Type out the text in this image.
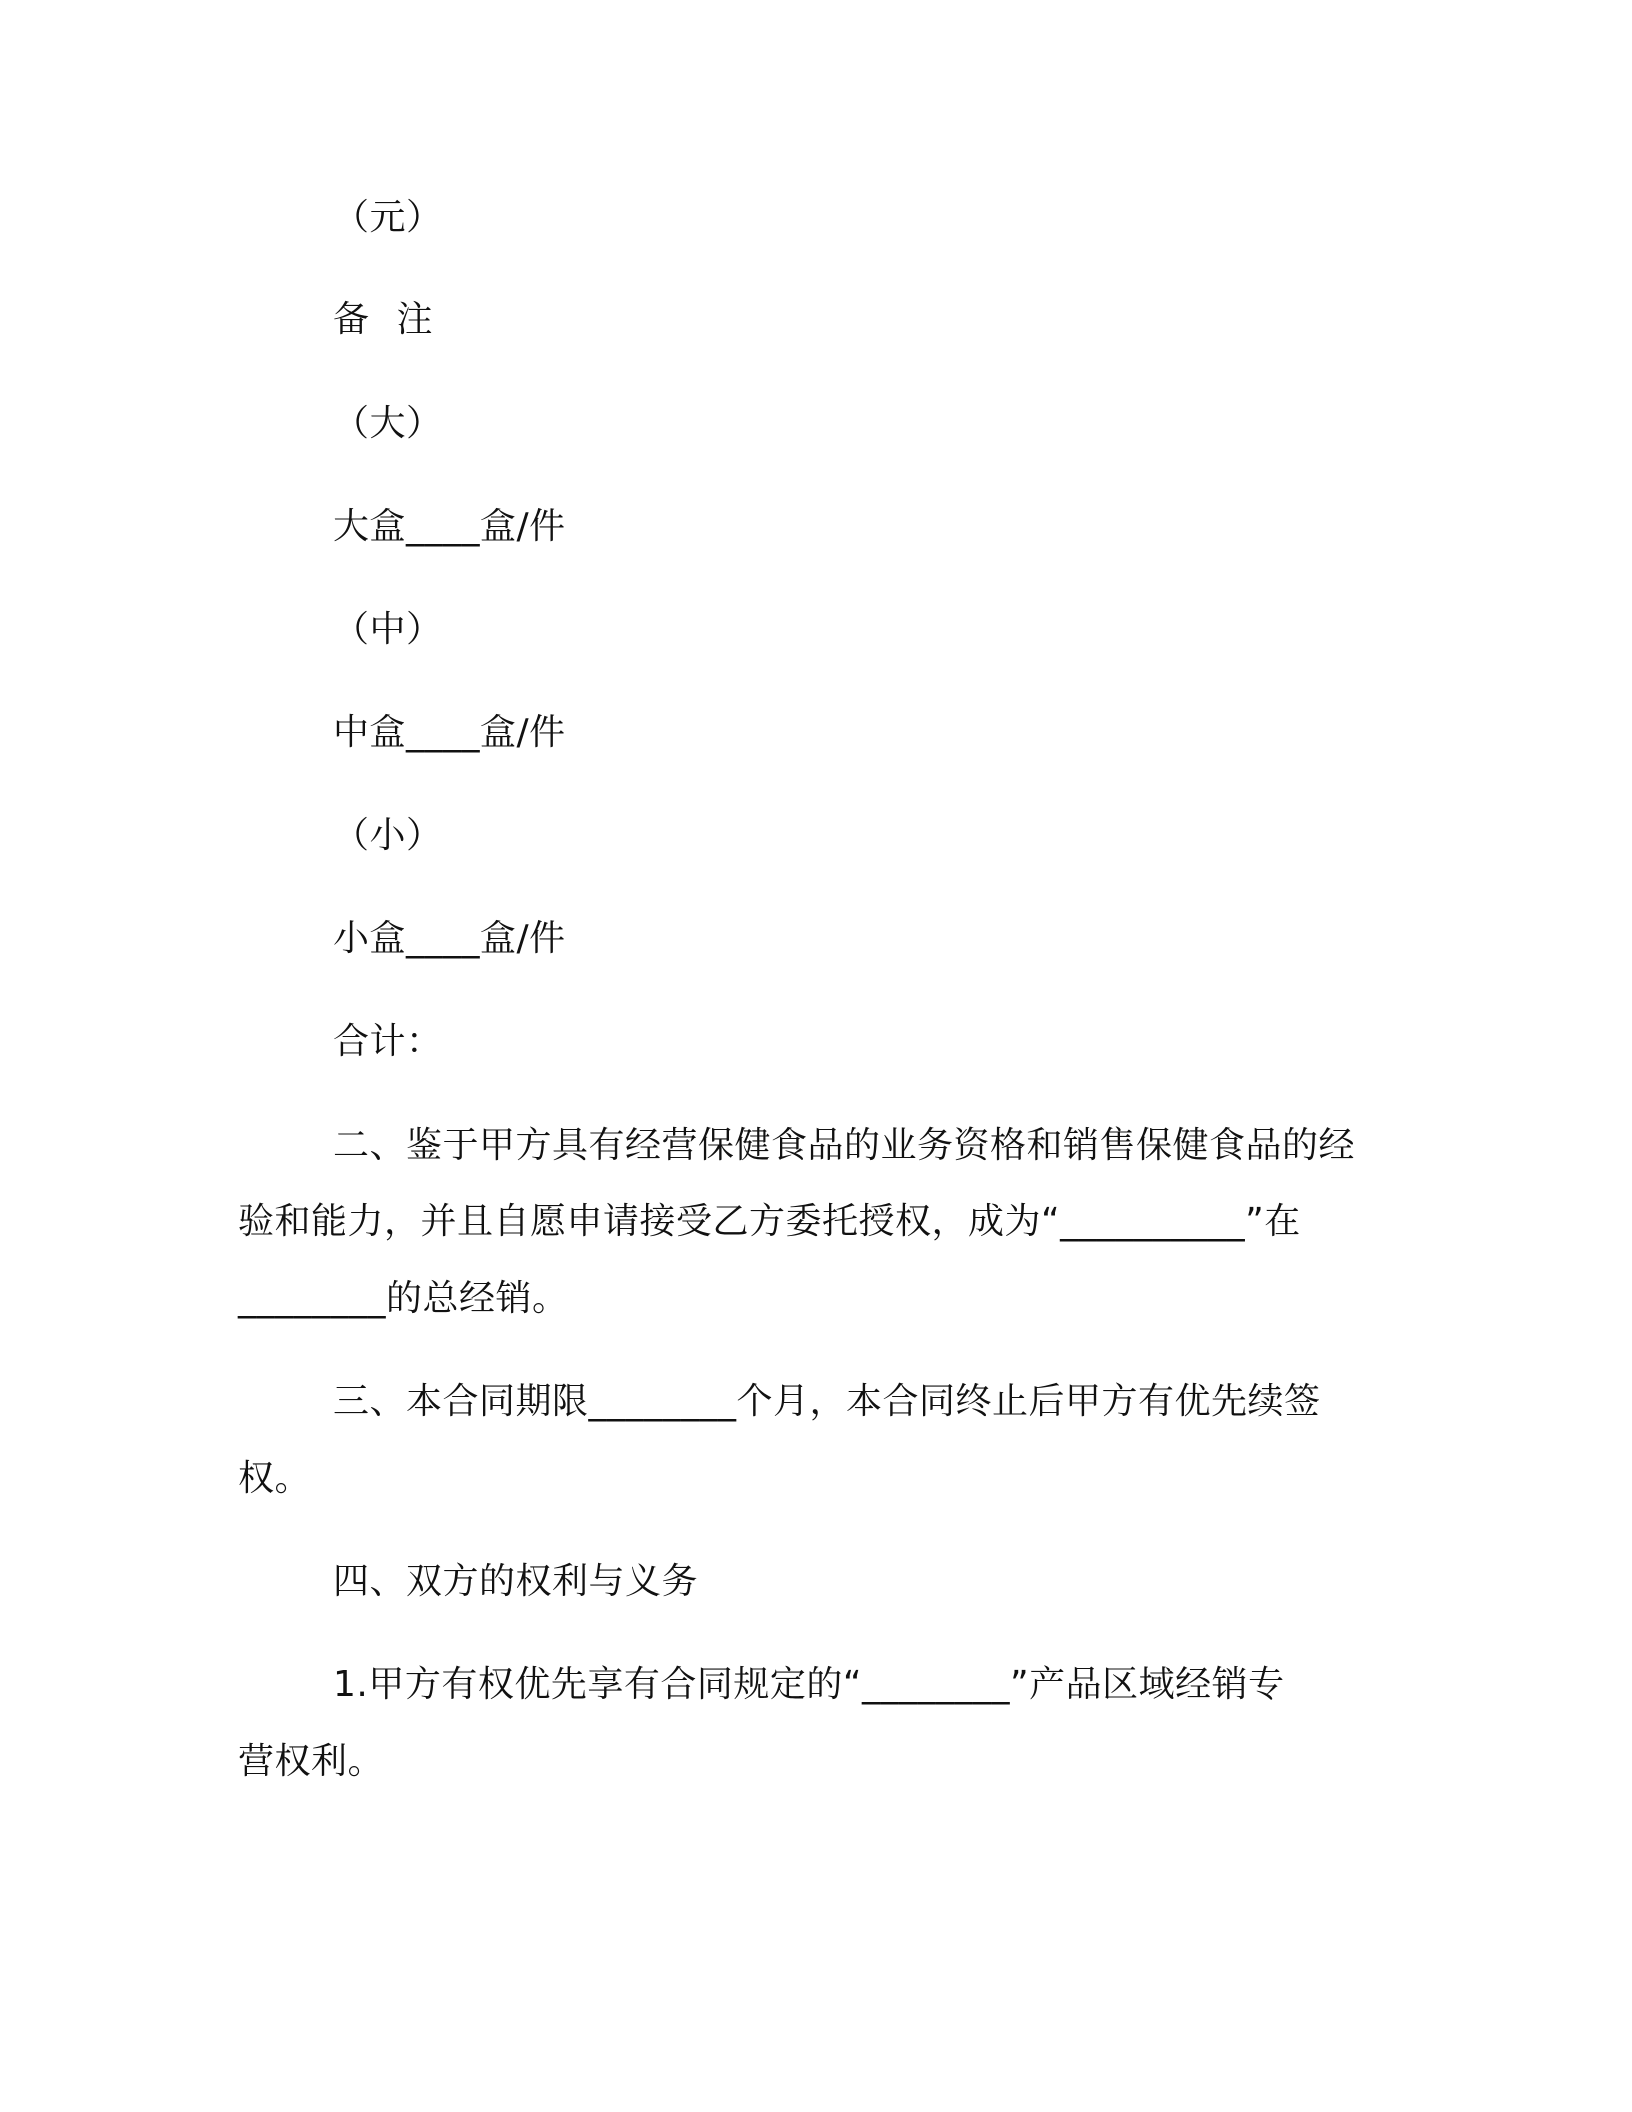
（元）
备 注
（大）
大盒____盒/件
（中）
中盒____盒/件
（小）
小盒____盒/件
合计：
二、鉴于甲方具有经营保健食品的业务资格和销售保健食品的经
验和能力，并且自愿申请接受乙方委托授权，成为“__________”在
________的总经销。
三、本合同期限________个月，本合同终止后甲方有优先续签
权。
四、双方的权利与义务
1.甲方有权优先享有合同规定的“________”产品区域经销专
营权利。
